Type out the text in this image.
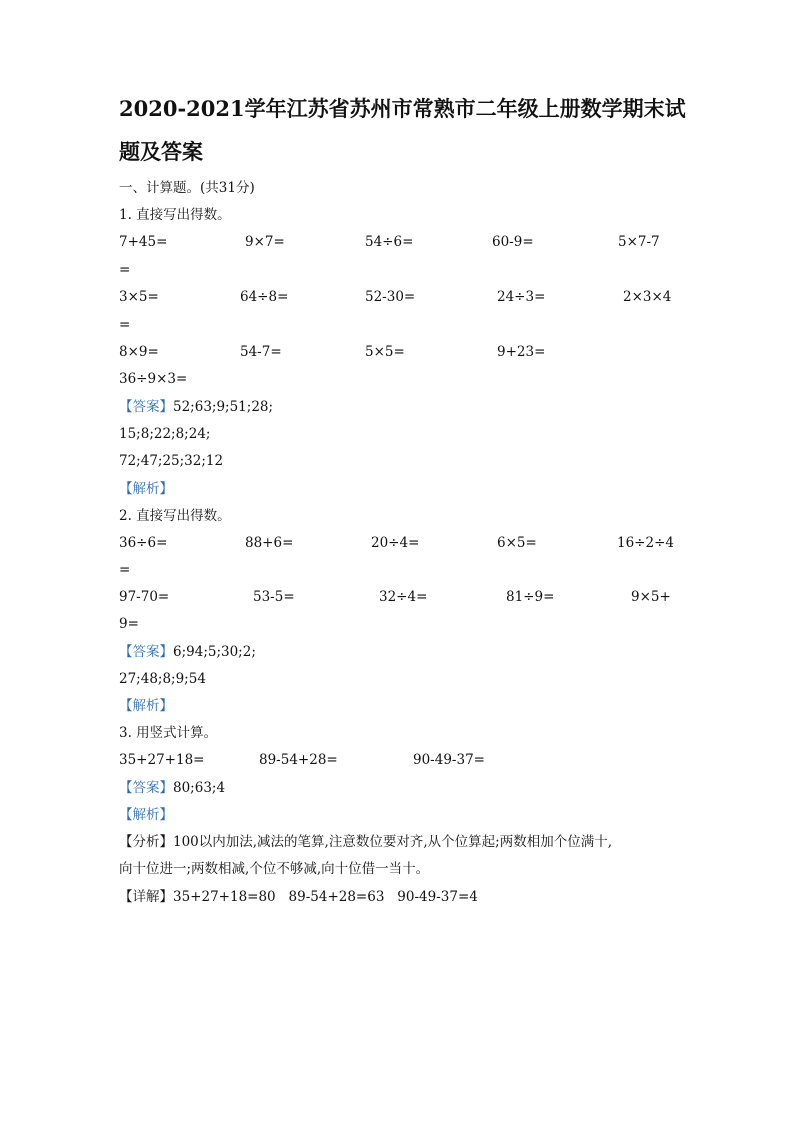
2020-2021学年江苏省苏州市常熟市二年级上册数学期末试
题及答案
一、计算题。(共31分)
1. 直接写出得数。
7+45=	9×7=	54÷6=	60-9=	5×7-7
=
3×5=	64÷8=	52-30=	24÷3=	2×3×4
=
8×9=	54-7=	5×5=	9+23=
36÷9×3=
【答案】52;63;9;51;28;
15;8;22;8;24;
72;47;25;32;12
【解析】
2. 直接写出得数。
36÷6=	88+6=	20÷4=	6×5=	16÷2÷4
=
97-70=	53-5=	32÷4=	81÷9=	9×5+
9=
【答案】6;94;5;30;2;
27;48;8;9;54
【解析】
3. 用竖式计算。
35+27+18=	89-54+28=	90-49-37=
【答案】80;63;4
【解析】
【分析】100以内加法,减法的笔算,注意数位要对齐,从个位算起;两数相加个位满十,
向十位进一;两数相减,个位不够减,向十位借一当十。
【详解】35+27+18=80   89-54+28=63   90-49-37=4
